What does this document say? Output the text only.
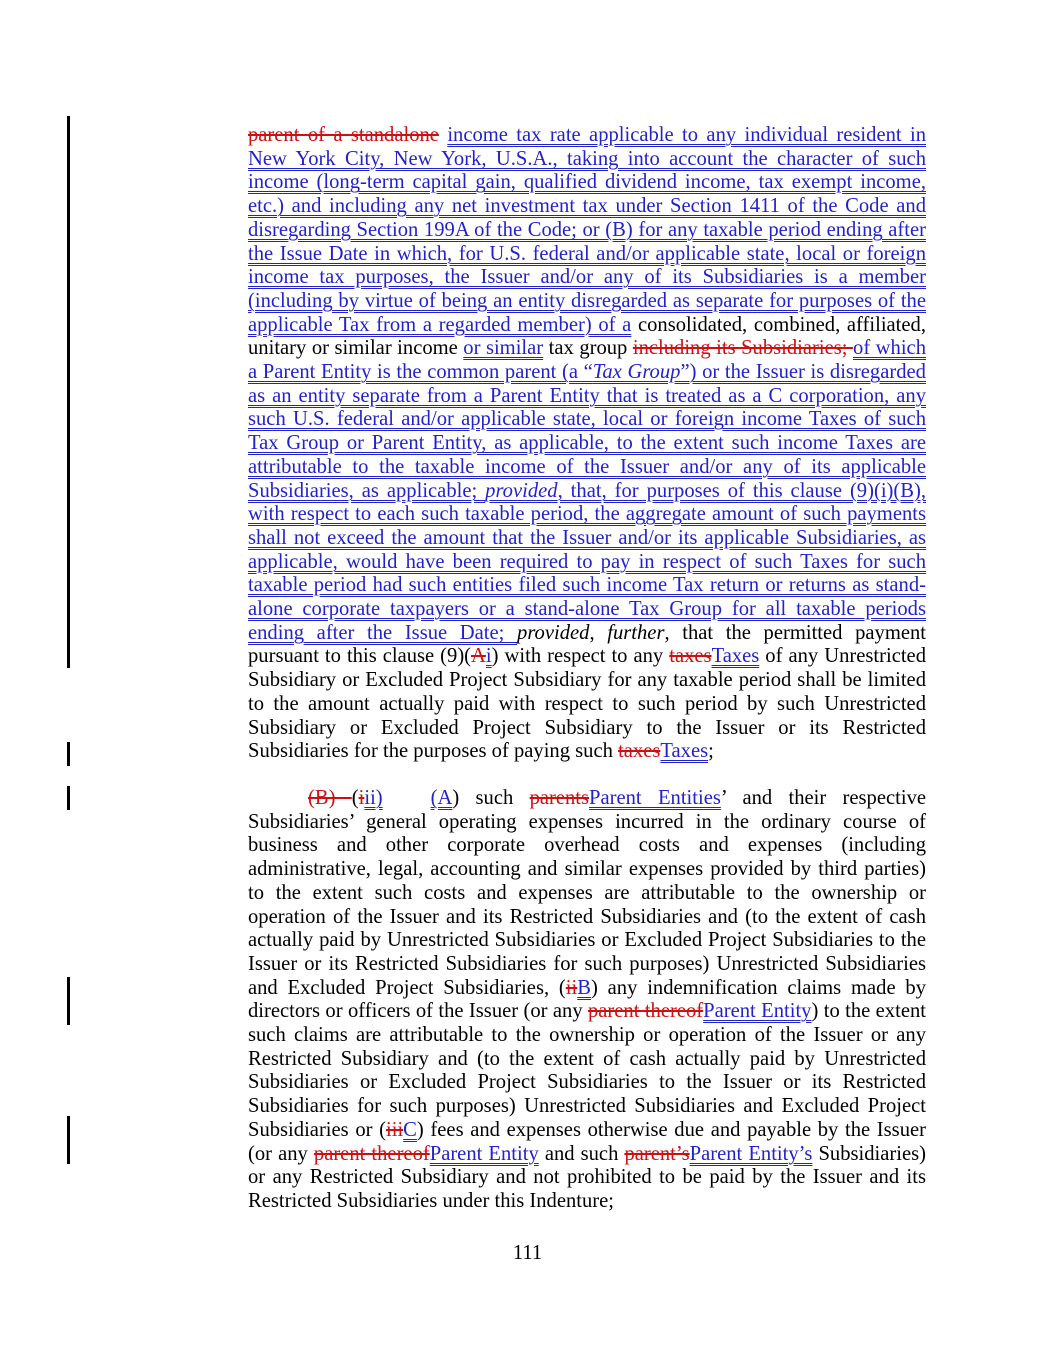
parent of a standalone income tax rate applicable to any individual resident in New York City, New York, U.S.A., taking into account the character of such income (long-term capital gain, qualified dividend income, tax exempt income, etc.) and including any net investment tax under Section 1411 of the Code and disregarding Section 199A of the Code; or (B) for any taxable period ending after the Issue Date in which, for U.S. federal and/or applicable state, local or foreign income tax purposes, the Issuer and/or any of its Subsidiaries is a member (including by virtue of being an entity disregarded as separate for purposes of the applicable Tax from a regarded member) of a consolidated, combined, affiliated, unitary or similar income or similar tax group including its Subsidiaries; of which a Parent Entity is the common parent (a “Tax Group”) or the Issuer is disregarded as an entity separate from a Parent Entity that is treated as a C corporation, any such U.S. federal and/or applicable state, local or foreign income Taxes of such Tax Group or Parent Entity, as applicable, to the extent such income Taxes are attributable to the taxable income of the Issuer and/or any of its applicable Subsidiaries, as applicable; provided, that, for purposes of this clause (9)(i)(B), with respect to each such taxable period, the aggregate amount of such payments shall not exceed the amount that the Issuer and/or its applicable Subsidiaries, as applicable, would have been required to pay in respect of such Taxes for such taxable period had such entities filed such income Tax return or returns as stand-alone corporate taxpayers or a stand-alone Tax Group for all taxable periods ending after the Issue Date; provided, further, that the permitted payment pursuant to this clause (9)(Ai) with respect to any taxesTaxes of any Unrestricted Subsidiary or Excluded Project Subsidiary for any taxable period shall be limited to the amount actually paid with respect to such period by such Unrestricted Subsidiary or Excluded Project Subsidiary to the Issuer or its Restricted Subsidiaries for the purposes of paying such taxesTaxes;

(B) (iii) (A) such parentsParent Entities’ and their respective Subsidiaries’ general operating expenses incurred in the ordinary course of business and other corporate overhead costs and expenses (including administrative, legal, accounting and similar expenses provided by third parties) to the extent such costs and expenses are attributable to the ownership or operation of the Issuer and its Restricted Subsidiaries and (to the extent of cash actually paid by Unrestricted Subsidiaries or Excluded Project Subsidiaries to the Issuer or its Restricted Subsidiaries for such purposes) Unrestricted Subsidiaries and Excluded Project Subsidiaries, (iiB) any indemnification claims made by directors or officers of the Issuer (or any parent thereofParent Entity) to the extent such claims are attributable to the ownership or operation of the Issuer or any Restricted Subsidiary and (to the extent of cash actually paid by Unrestricted Subsidiaries or Excluded Project Subsidiaries to the Issuer or its Restricted Subsidiaries for such purposes) Unrestricted Subsidiaries and Excluded Project Subsidiaries or (iiiC) fees and expenses otherwise due and payable by the Issuer (or any parent thereofParent Entity and such parent’sParent Entity’s Subsidiaries) or any Restricted Subsidiary and not prohibited to be paid by the Issuer and its Restricted Subsidiaries under this Indenture;

111
